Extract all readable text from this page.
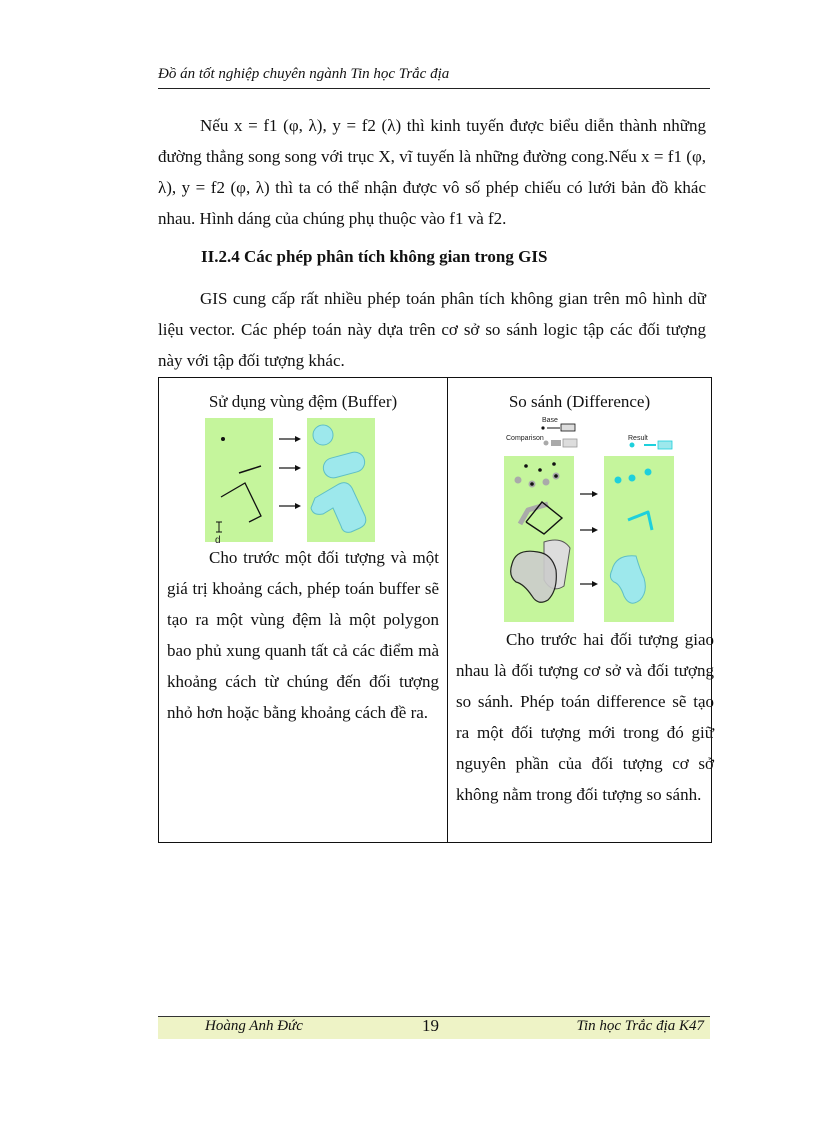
Đồ án tốt nghiệp chuyên ngành Tin học Trắc địa

Nếu x = f1 (φ, λ), y = f2 (λ) thì kinh tuyến được biểu diễn thành những đường thẳng song song với trục X, vĩ tuyến là những đường cong.Nếu x = f1 (φ, λ), y = f2 (φ, λ) thì ta có thể nhận được vô số phép chiếu có lưới bản đồ khác nhau. Hình dáng của chúng phụ thuộc vào f1 và f2.

II.2.4 Các phép phân tích không gian trong GIS

GIS cung cấp rất nhiều phép toán phân tích không gian trên mô hình dữ liệu vector. Các phép toán này dựa trên cơ sở so sánh logic tập các đối tượng này với tập đối tượng khác.

Sử dụng vùng đệm (Buffer)
d

Cho trước một đối tượng và một giá trị khoảng cách, phép toán buffer sẽ tạo ra một vùng đệm là một polygon bao phủ xung quanh tất cả các điểm mà khoảng cách từ chúng đến đối tượng nhỏ hơn hoặc bằng khoảng cách đề ra.

So sánh (Difference)
Base
Comparison	Result

Cho trước hai đối tượng giao nhau là đối tượng cơ sở và đối tượng so sánh. Phép toán difference sẽ tạo ra một đối tượng mới trong đó giữ nguyên phần của đối tượng cơ sở không nằm trong đối tượng so sánh.

Hoàng Anh Đức	19	Tin học Trắc địa K47
